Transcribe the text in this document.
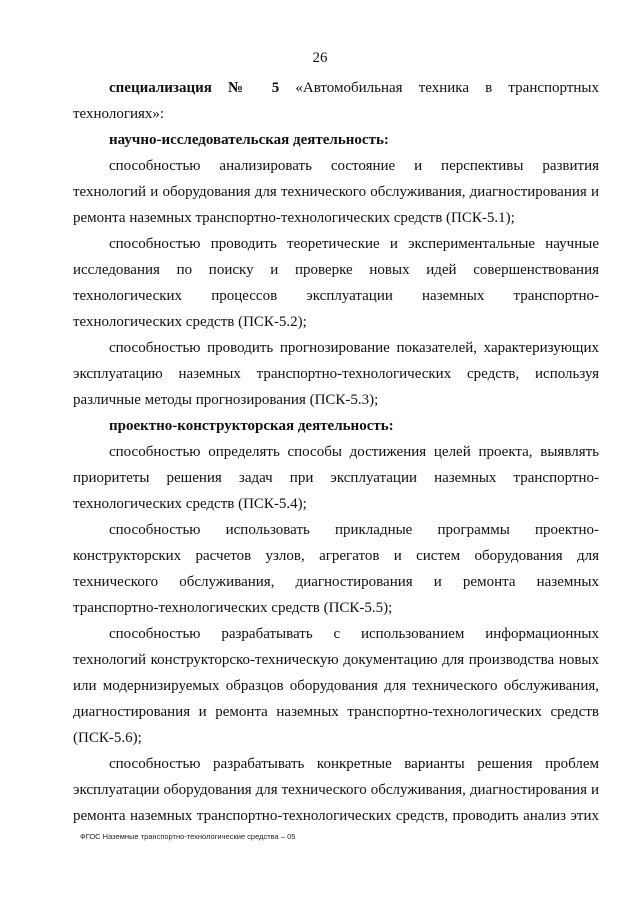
26

специализация № 5 «Автомобильная техника в транспортных технологиях»:

научно-исследовательская деятельность:

способностью анализировать состояние и перспективы развития технологий и оборудования для технического обслуживания, диагностирования и ремонта наземных транспортно-технологических средств (ПСК-5.1);

способностью проводить теоретические и экспериментальные научные исследования по поиску и проверке новых идей совершенствования технологических процессов эксплуатации наземных транспортно-технологических средств (ПСК-5.2);

способностью проводить прогнозирование показателей, характеризующих эксплуатацию наземных транспортно-технологических средств, используя различные методы прогнозирования (ПСК-5.3);

проектно-конструкторская деятельность:

способностью определять способы достижения целей проекта, выявлять приоритеты решения задач при эксплуатации наземных транспортно-технологических средств (ПСК-5.4);

способностью использовать прикладные программы проектно-конструкторских расчетов узлов, агрегатов и систем оборудования для технического обслуживания, диагностирования и ремонта наземных транспортно-технологических средств (ПСК-5.5);

способностью разрабатывать с использованием информационных технологий конструкторско-техническую документацию для производства новых или модернизируемых образцов оборудования для технического обслуживания, диагностирования и ремонта наземных транспортно-технологических средств (ПСК-5.6);

способностью разрабатывать конкретные варианты решения проблем эксплуатации оборудования для технического обслуживания, диагностирования и ремонта наземных транспортно-технологических средств, проводить анализ этих

ФГОС Наземные транспортно-технологические средства – 05
